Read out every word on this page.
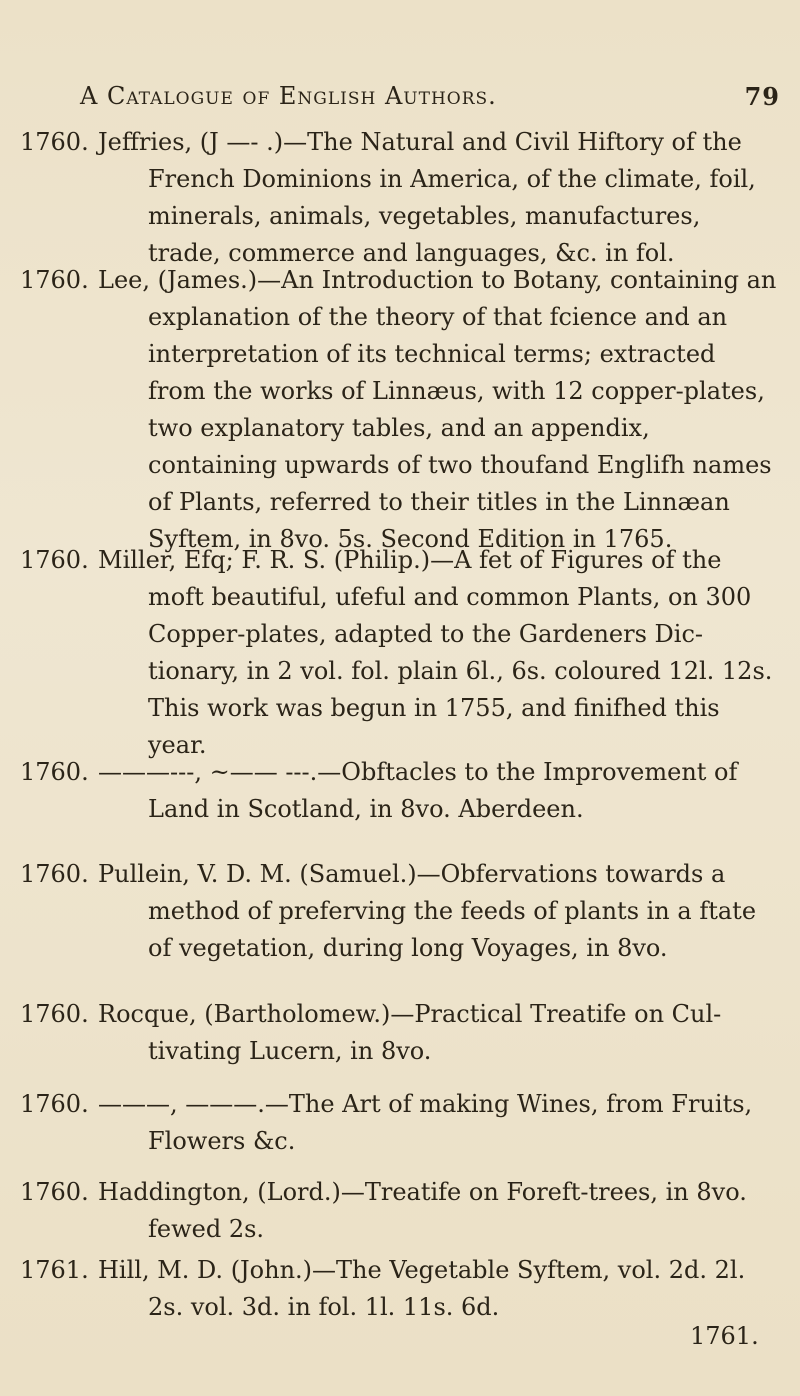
A Catalogue of English Authors.	79
1760. Jeffries, (J —- .)—The Natural and Civil Hiftory of the French Dominions in America, of the climate, foil, minerals, animals, vegetables, manufactures, trade, commerce and languages, &c. in fol.
1760. Lee, (James.)—An Introduction to Botany, containing an explanation of the theory of that fcience and an interpretation of its technical terms; extracted from the works of Linnæus, with 12 copper-plates, two explanatory tables, and an appendix, containing upwards of two thoufand Englifh names of Plants, referred to their titles in the Linnæan Syftem, in 8vo. 5s. Second Edition in 1765.
1760. Miller, Efq; F. R. S. (Philip.)—A fet of Figures of the moft beautiful, ufeful and common Plants, on 300 Copper-plates, adapted to the Gardeners Dic-tionary, in 2 vol. fol. plain 6l., 6s. coloured 12l. 12s. This work was begun in 1755, and finifhed this year.
1760. ———---, ~—— ---.—Obftacles to the Improvement of Land in Scotland, in 8vo. Aberdeen.
1760. Pullein, V. D. M. (Samuel.)—Obfervations towards a method of preferving the feeds of plants in a ftate of vegetation, during long Voyages, in 8vo.
1760. Rocque, (Bartholomew.)—Practical Treatife on Cul-tivating Lucern, in 8vo.
1760. ———, ———.—The Art of making Wines, from Fruits, Flowers &c.
1760. Haddington, (Lord.)—Treatife on Foreft-trees, in 8vo. fewed 2s.
1761. Hill, M. D. (John.)—The Vegetable Syftem, vol. 2d. 2l. 2s. vol. 3d. in fol. 1l. 11s. 6d.
1761.
